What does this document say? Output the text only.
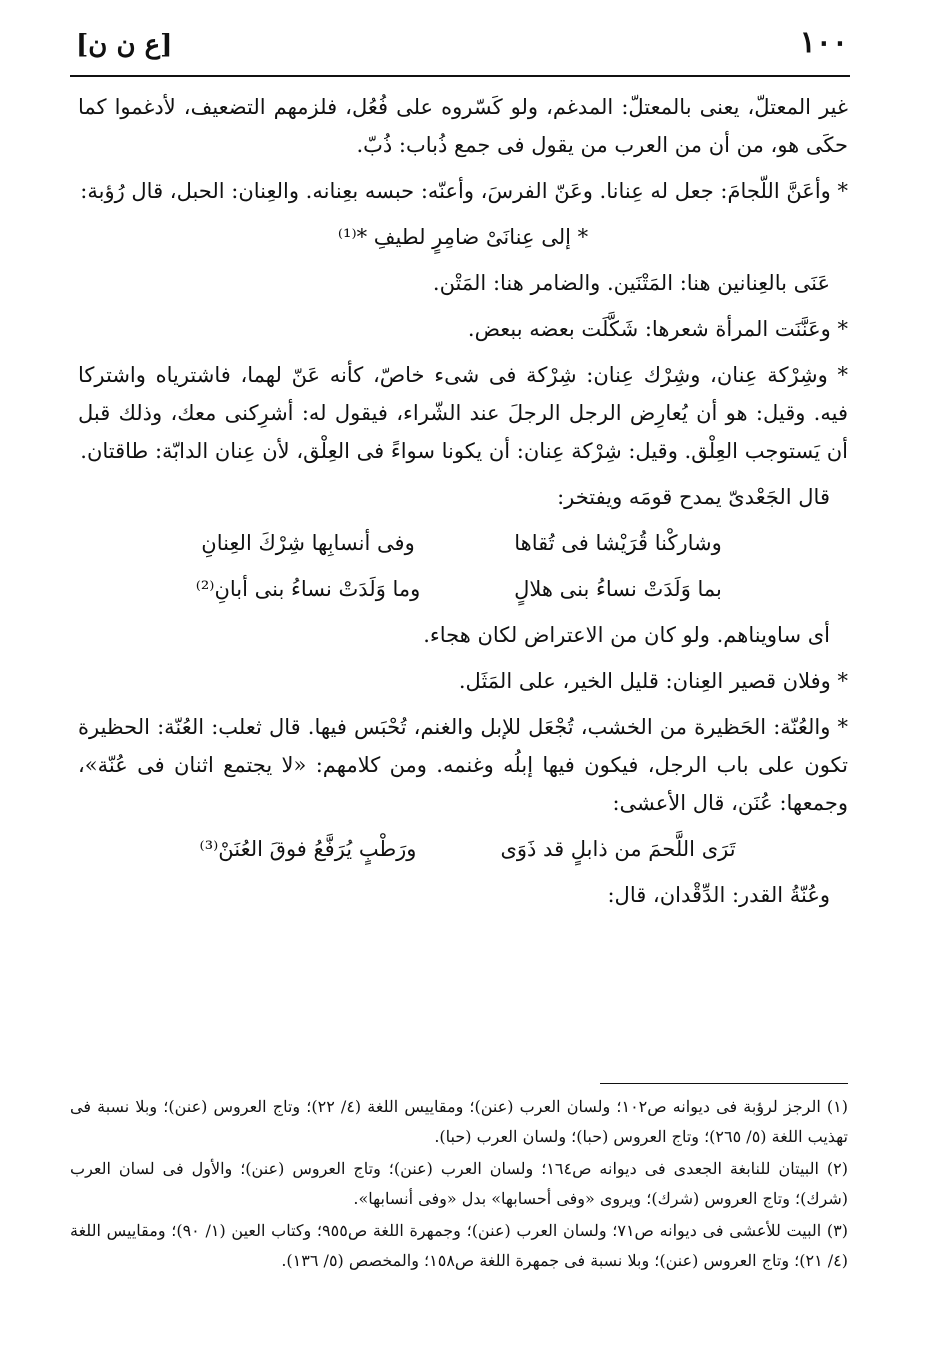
١٠٠
[ع ن ن]

غير المعتلّ، يعنى بالمعتلّ: المدغم، ولو كَسّروه على فُعُل، فلزمهم التضعيف، لأدغموا كما حكَى هو، من أن من العرب من يقول فى جمع ذُباب: ذُبّ.

* وأعَنَّ اللّجامَ: جعل له عِنانا. وعَنّ الفرسَ، وأعنّه: حبسه بعِنانه. والعِنان: الحبل، قال رُؤبة:

* إلى عِنانَىْ ضامِرٍ لطيفِ *⁽¹⁾

عَنَى بالعِنانين هنا: المَتْنَين. والضامر هنا: المَتْن.

* وعَنَّنَت المرأة شعرها: شَكَّلَت بعضه ببعض.

* وشِرْكة عِنان، وشِرْك عِنان: شِرْكة فى شىء خاصّ، كأنه عَنّ لهما، فاشترياه واشتركا فيه. وقيل: هو أن يُعارِض الرجل الرجلَ عند الشّراء، فيقول له: أشرِكنى معك، وذلك قبل أن يَستوجب العِلْق. وقيل: شِرْكة عِنان: أن يكونا سواءً فى العِلْق، لأن عِنان الدابّة: طاقتان.

قال الجَعْدىّ يمدح قومَه ويفتخر:

وشاركْنا قُرَيْشا فى تُقاها
وفى أنسابِها شِرْكَ العِنانِ
بما وَلَدَتْ نساءُ بنى هلالٍ
وما وَلَدَتْ نساءُ بنى أبانِ⁽²⁾

أى ساويناهم. ولو كان من الاعتراض لكان هجاء.

* وفلان قصير العِنان: قليل الخير، على المَثَل.

* والعُنّة: الحَظيرة من الخشب، تُجْعَل للإبل والغنم، تُحْبَس فيها. قال ثعلب: العُنّة: الحظيرة تكون على باب الرجل، فيكون فيها إبلُه وغنمه. ومن كلامهم: «لا يجتمع اثنان فى عُنّة»، وجمعها: عُنَن، قال الأعشى:

تَرَى اللَّحمَ من ذابلٍ قد ذَوَى
ورَطْبٍ يُرَفَّعُ فوقَ العُنَنْ⁽³⁾

وعُنّةُ القدر: الدِّقْدان، قال:

(١) الرجز لرؤبة فى ديوانه ص١٠٢؛ ولسان العرب (عنن)؛ ومقاييس اللغة (٤/ ٢٢)؛ وتاج العروس (عنن)؛ وبلا نسبة فى تهذيب اللغة (٥/ ٢٦٥)؛ وتاج العروس (حبا)؛ ولسان العرب (حبا).

(٢) البيتان للنابغة الجعدى فى ديوانه ص١٦٤؛ ولسان العرب (عنن)؛ وتاج العروس (عنن)؛ والأول فى لسان العرب (شرك)؛ وتاج العروس (شرك)؛ ويروى «وفى أحسابها» بدل «وفى أنسابها».

(٣) البيت للأعشى فى ديوانه ص٧١؛ ولسان العرب (عنن)؛ وجمهرة اللغة ص٩٥٥؛ وكتاب العين (١/ ٩٠)؛ ومقاييس اللغة (٤/ ٢١)؛ وتاج العروس (عنن)؛ وبلا نسبة فى جمهرة اللغة ص١٥٨؛ والمخصص (٥/ ١٣٦).
